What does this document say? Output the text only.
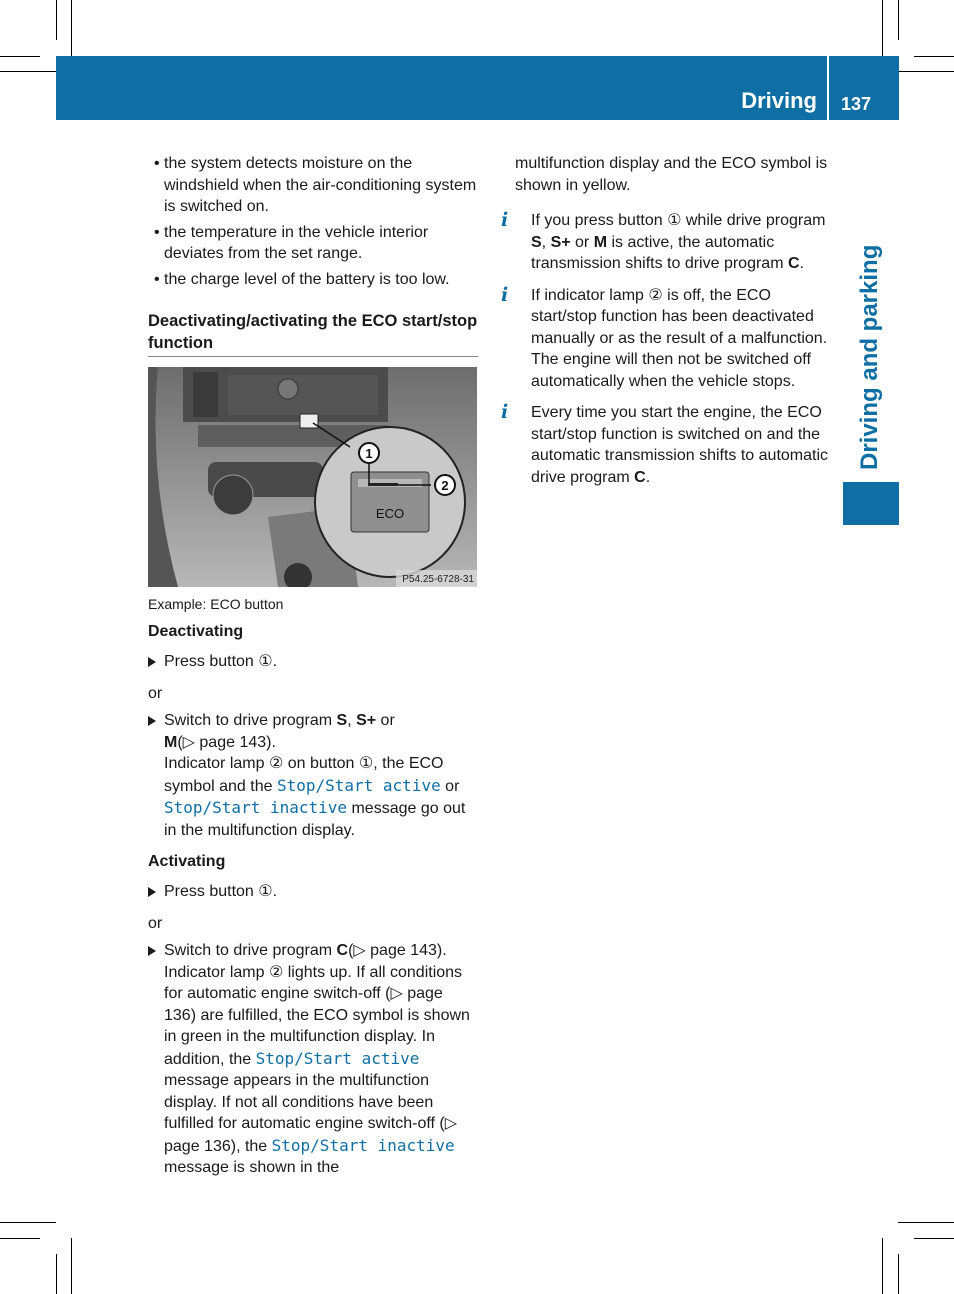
Driving 137
Driving and parking

• the system detects moisture on the windshield when the air-conditioning system is switched on.

• the temperature in the vehicle interior deviates from the set range.

• the charge level of the battery is too low.

Deactivating/activating the ECO start/stop function

1
2
ECO
P54.25-6728-31
Example: ECO button

Deactivating

Press button ①.

or

Switch to drive program S, S+ or
M(▷ page 143).
Indicator lamp ② on button ①, the ECO symbol and the Stop/Start active or Stop/Start inactive message go out in the multifunction display.

Activating

Press button ①.

or

Switch to drive program C(▷ page 143).
Indicator lamp ② lights up. If all conditions for automatic engine switch-off (▷ page 136) are fulfilled, the ECO symbol is shown in green in the multifunction display. In addition, the Stop/Start active message appears in the multifunction display. If not all conditions have been fulfilled for automatic engine switch-off (▷ page 136), the Stop/Start inactive message is shown in the

multifunction display and the ECO symbol is shown in yellow.

i	If you press button ① while drive program S, S+ or M is active, the automatic transmission shifts to drive program C.

i	If indicator lamp ② is off, the ECO start/stop function has been deactivated manually or as the result of a malfunction. The engine will then not be switched off automatically when the vehicle stops.

i	Every time you start the engine, the ECO start/stop function is switched on and the automatic transmission shifts to automatic drive program C.
